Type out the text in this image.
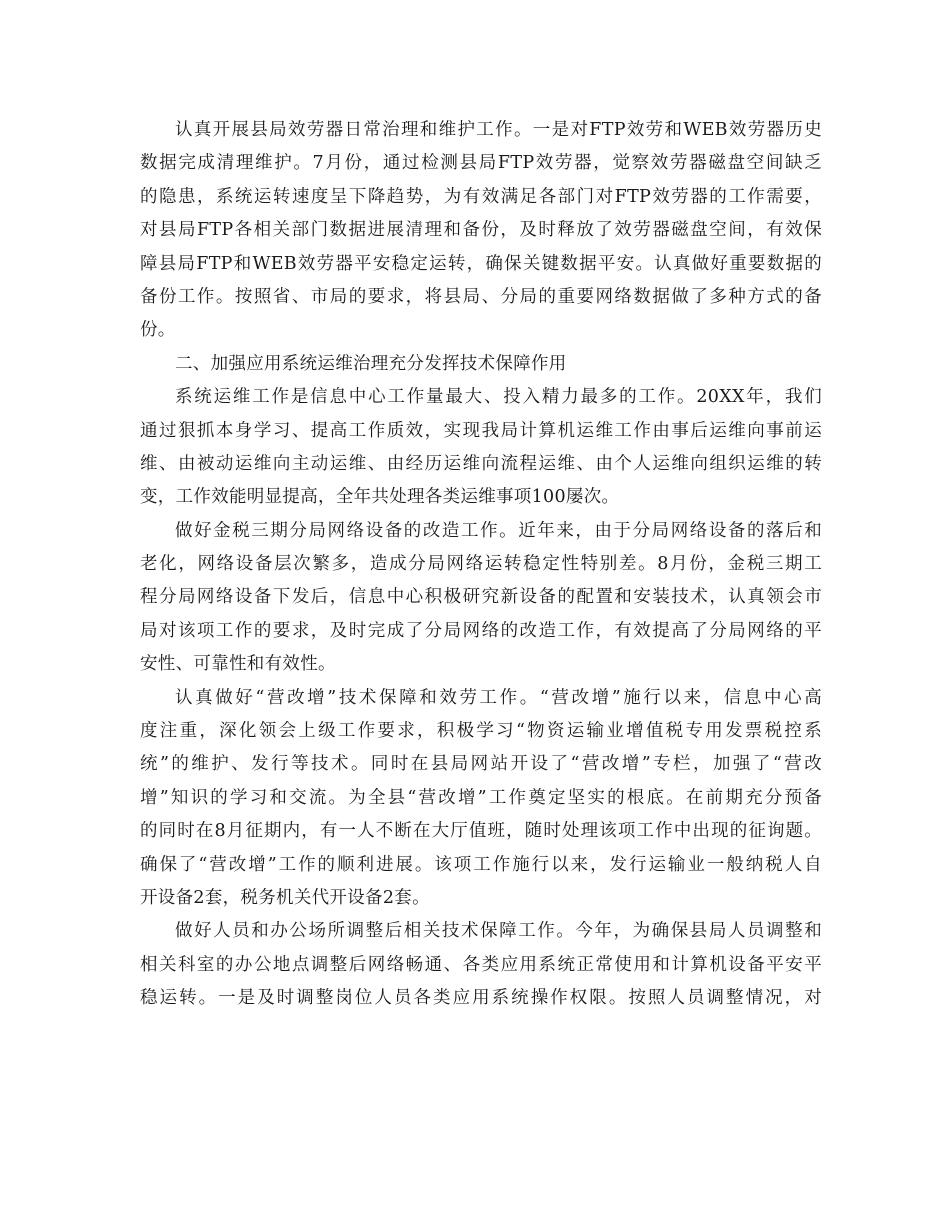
认真开展县局效劳器日常治理和维护工作。一是对FTP效劳和WEB效劳器历史
数据完成清理维护。7月份，通过检测县局FTP效劳器，觉察效劳器磁盘空间缺乏
的隐患，系统运转速度呈下降趋势，为有效满足各部门对FTP效劳器的工作需要，
对县局FTP各相关部门数据进展清理和备份，及时释放了效劳器磁盘空间，有效保
障县局FTP和WEB效劳器平安稳定运转，确保关键数据平安。认真做好重要数据的
备份工作。按照省、市局的要求，将县局、分局的重要网络数据做了多种方式的备
份。
二、加强应用系统运维治理充分发挥技术保障作用
系统运维工作是信息中心工作量最大、投入精力最多的工作。20XX年，我们
通过狠抓本身学习、提高工作质效，实现我局计算机运维工作由事后运维向事前运
维、由被动运维向主动运维、由经历运维向流程运维、由个人运维向组织运维的转
变，工作效能明显提高，全年共处理各类运维事项100屡次。
做好金税三期分局网络设备的改造工作。近年来，由于分局网络设备的落后和
老化，网络设备层次繁多，造成分局网络运转稳定性特别差。8月份，金税三期工
程分局网络设备下发后，信息中心积极研究新设备的配置和安装技术，认真领会市
局对该项工作的要求，及时完成了分局网络的改造工作，有效提高了分局网络的平
安性、可靠性和有效性。
认真做好“营改增”技术保障和效劳工作。“营改增”施行以来，信息中心高
度注重，深化领会上级工作要求，积极学习“物资运输业增值税专用发票税控系
统”的维护、发行等技术。同时在县局网站开设了“营改增”专栏，加强了“营改
增”知识的学习和交流。为全县“营改增”工作奠定坚实的根底。在前期充分预备
的同时在8月征期内，有一人不断在大厅值班，随时处理该项工作中出现的征询题。
确保了“营改增”工作的顺利进展。该项工作施行以来，发行运输业一般纳税人自
开设备2套，税务机关代开设备2套。
做好人员和办公场所调整后相关技术保障工作。今年，为确保县局人员调整和
相关科室的办公地点调整后网络畅通、各类应用系统正常使用和计算机设备平安平
稳运转。一是及时调整岗位人员各类应用系统操作权限。按照人员调整情况，对
